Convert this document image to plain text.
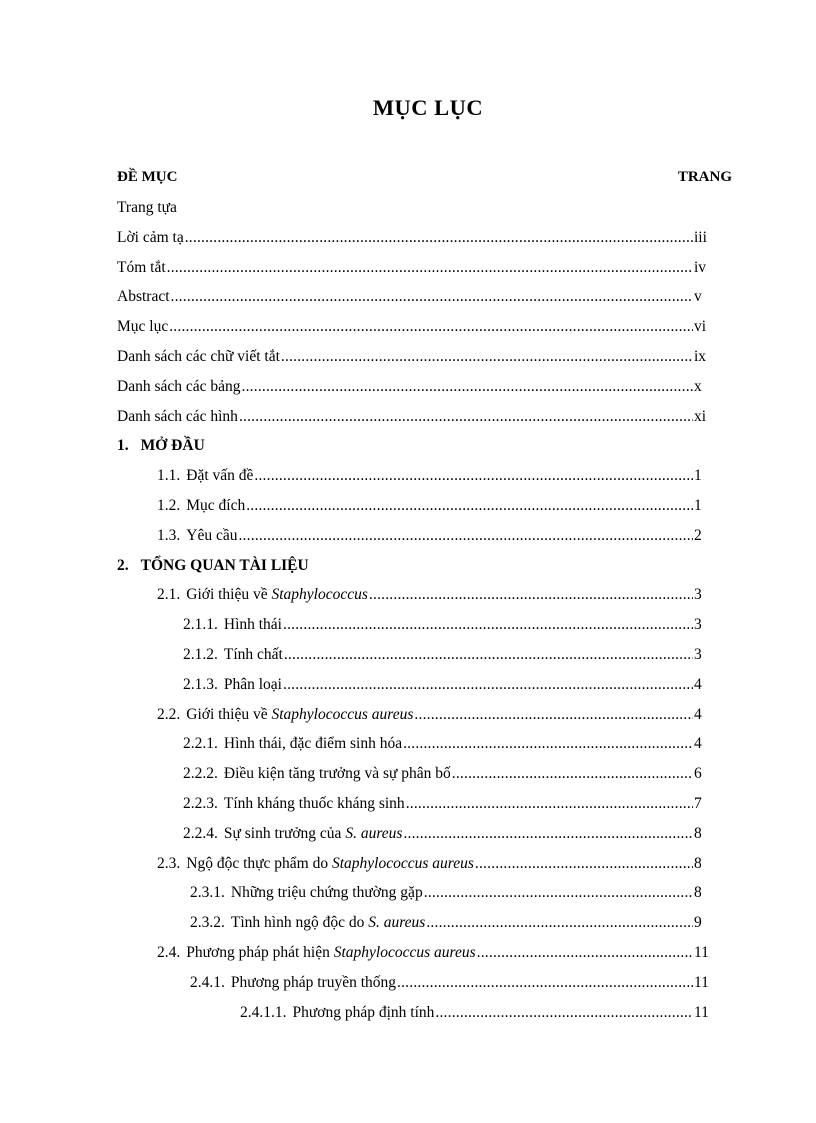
MỤC LỤC
ĐỀ MỤC	TRANG
Trang tựa
Lời cảm tạ .....	iii
Tóm tắt .....	iv
Abstract .....	v
Mục lục .....	vi
Danh sách các chữ viết tắt .....	ix
Danh sách các bảng .....	x
Danh sách các hình .....	xi
1. MỞ ĐẦU
1.1. Đặt vấn đề .....	1
1.2. Mục đích .....	1
1.3. Yêu cầu .....	2
2. TỔNG QUAN TÀI LIỆU
2.1. Giới thiệu về Staphylococcus .....	3
2.1.1. Hình thái .....	3
2.1.2. Tính chất .....	3
2.1.3. Phân loại .....	4
2.2. Giới thiệu về Staphylococcus aureus .....	4
2.2.1. Hình thái, đặc điểm sinh hóa .....	4
2.2.2. Điều kiện tăng trưởng và sự phân bố .....	6
2.2.3. Tính kháng thuốc kháng sinh .....	7
2.2.4. Sự sinh trưởng của S. aureus .....	8
2.3. Ngộ độc thực phẩm do Staphylococcus aureus .....	8
2.3.1. Những triệu chứng thường gặp .....	8
2.3.2. Tình hình ngộ độc do S. aureus .....	9
2.4. Phương pháp phát hiện Staphylococcus aureus .....	11
2.4.1. Phương pháp truyền thống .....	11
2.4.1.1. Phương pháp định tính .....	11
